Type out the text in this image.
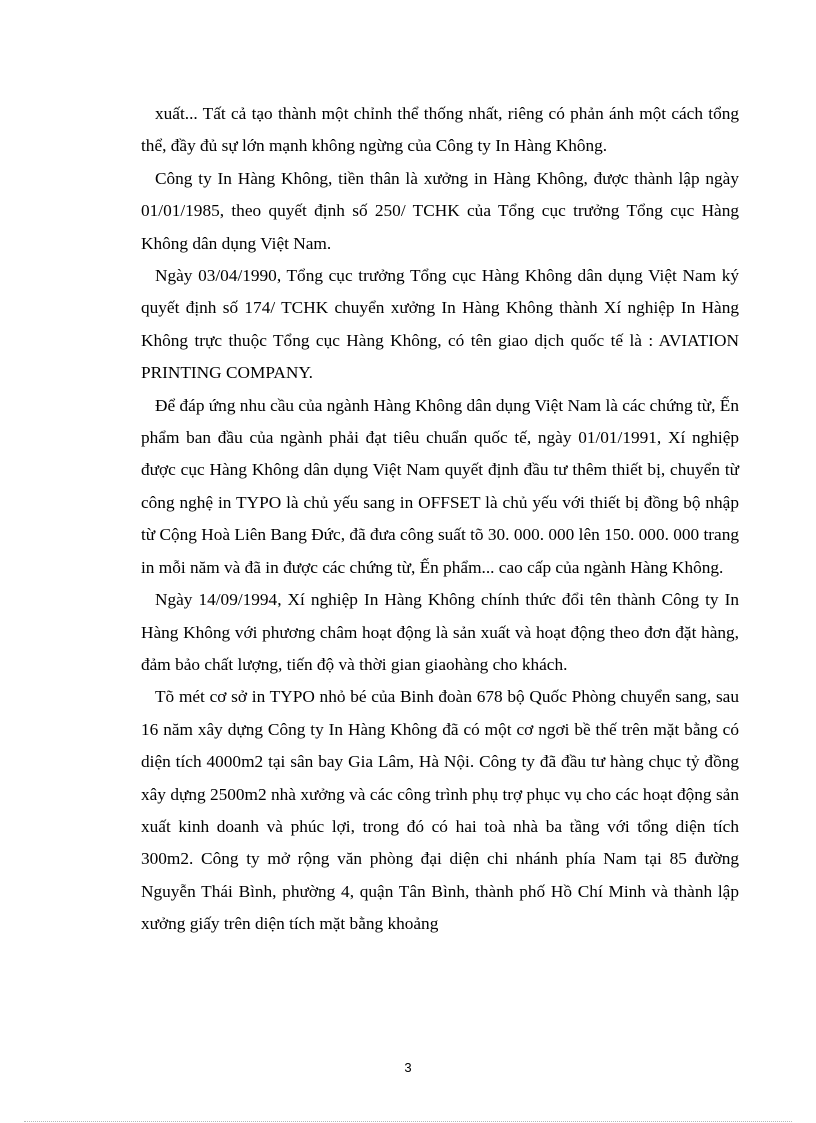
xuất... Tất cả tạo thành một chỉnh thể thống nhất, riêng có phản ánh một cách tổng thể, đầy đủ sự lớn mạnh không ngừng của Công ty In Hàng Không.

Công ty In Hàng Không, tiền thân là xưởng in Hàng Không, được thành lập ngày 01/01/1985, theo quyết định số 250/ TCHK của Tổng cục trưởng Tổng cục Hàng Không dân dụng Việt Nam.

Ngày 03/04/1990, Tổng cục trưởng Tổng cục Hàng Không dân dụng Việt Nam ký quyết định số 174/ TCHK chuyển xưởng In Hàng Không thành Xí nghiệp In Hàng Không trực thuộc Tổng cục Hàng Không, có tên giao dịch quốc tế là : AVIATION PRINTING COMPANY.

Để đáp ứng nhu cầu của ngành Hàng Không dân dụng Việt Nam là các chứng từ, Ến phẩm ban đầu của ngành phải đạt tiêu chuẩn quốc tế, ngày 01/01/1991, Xí nghiệp được cục Hàng Không dân dụng Việt Nam quyết định đầu tư thêm thiết bị, chuyển từ công nghệ in TYPO là chủ yếu sang in OFFSET là chủ yếu với thiết bị đồng bộ nhập từ Cộng Hoà Liên Bang Đức, đã đưa công suất tõ 30. 000. 000 lên 150. 000. 000 trang in mỗi năm và đã in được các chứng từ, Ến phẩm... cao cấp của ngành Hàng Không.

Ngày 14/09/1994, Xí nghiệp In Hàng Không chính thức đổi tên thành Công ty In Hàng Không với phương châm hoạt động là sản xuất và hoạt động theo đơn đặt hàng, đảm bảo chất lượng, tiến độ và thời gian giaohàng cho khách.

Tõ mét cơ sở in TYPO nhỏ bé của Binh đoàn 678 bộ Quốc Phòng chuyển sang, sau 16 năm xây dựng Công ty In Hàng Không đã có một cơ ngơi bề thế trên mặt bằng có diện tích 4000m2 tại sân bay Gia Lâm, Hà Nội. Công ty đã đầu tư hàng chục tỷ đồng xây dựng 2500m2 nhà xưởng và các công trình phụ trợ phục vụ cho các hoạt động sản xuất kinh doanh và phúc lợi, trong đó có hai toà nhà ba tầng với tổng diện tích 300m2. Công ty mở rộng văn phòng đại diện chi nhánh phía Nam tại 85 đường Nguyễn Thái Bình, phường 4, quận Tân Bình, thành phố Hồ Chí Minh và thành lập xưởng giấy trên diện tích mặt bằng khoảng

3
